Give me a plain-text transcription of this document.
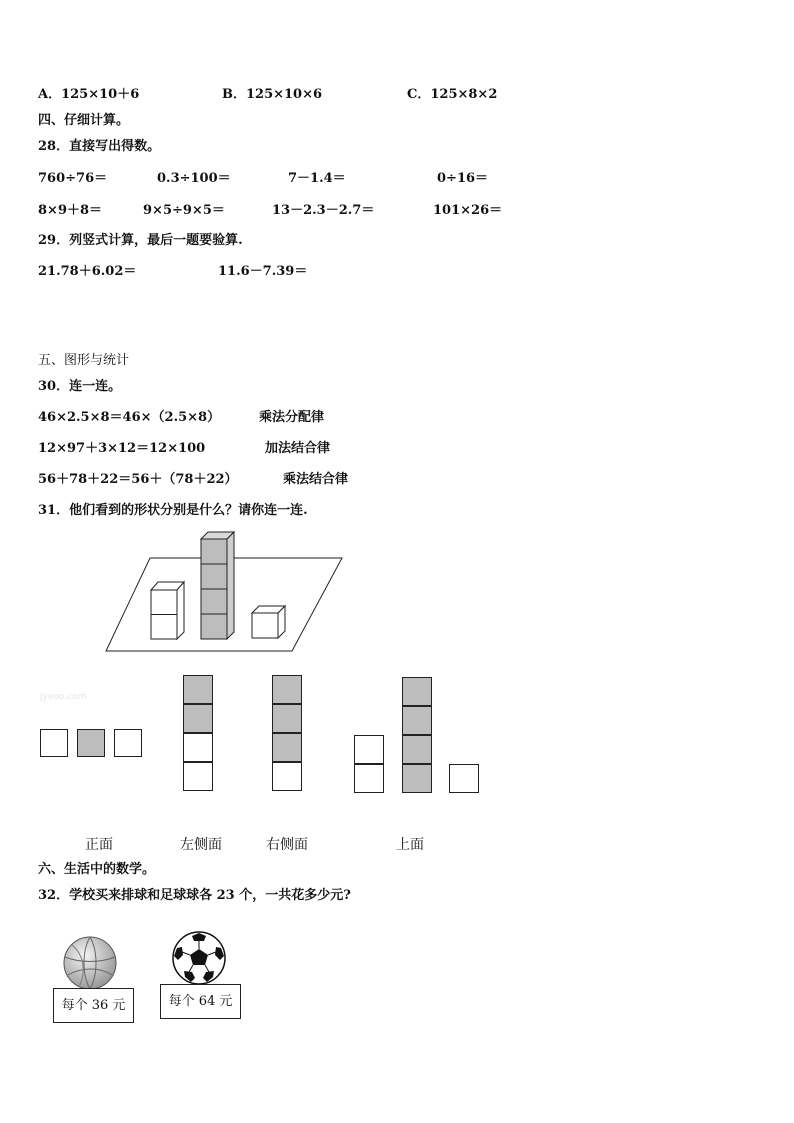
A．125×10＋6	B．125×10×6	C．125×8×2
四、仔细计算。
28．直接写出得数。
760÷76＝	0.3÷100＝	7－1.4＝	0÷16＝
8×9＋8＝	9×5÷9×5＝	13－2.3－2.7＝	101×26＝
29．列竖式计算，最后一题要验算.
21.78＋6.02＝	11.6－7.39＝
五、图形与统计
30．连一连。
46×2.5×8＝46×（2.5×8）	乘法分配律
12×97＋3×12＝12×100	加法结合律
56＋78＋22＝56＋（78＋22）	乘法结合律
31．他们看到的形状分别是什么？请你连一连.
Jyeoo.com
正面	左侧面	右侧面	上面
六、生活中的数学。
32．学校买来排球和足球球各 23 个，一共花多少元?
每个 36 元	每个 64 元
